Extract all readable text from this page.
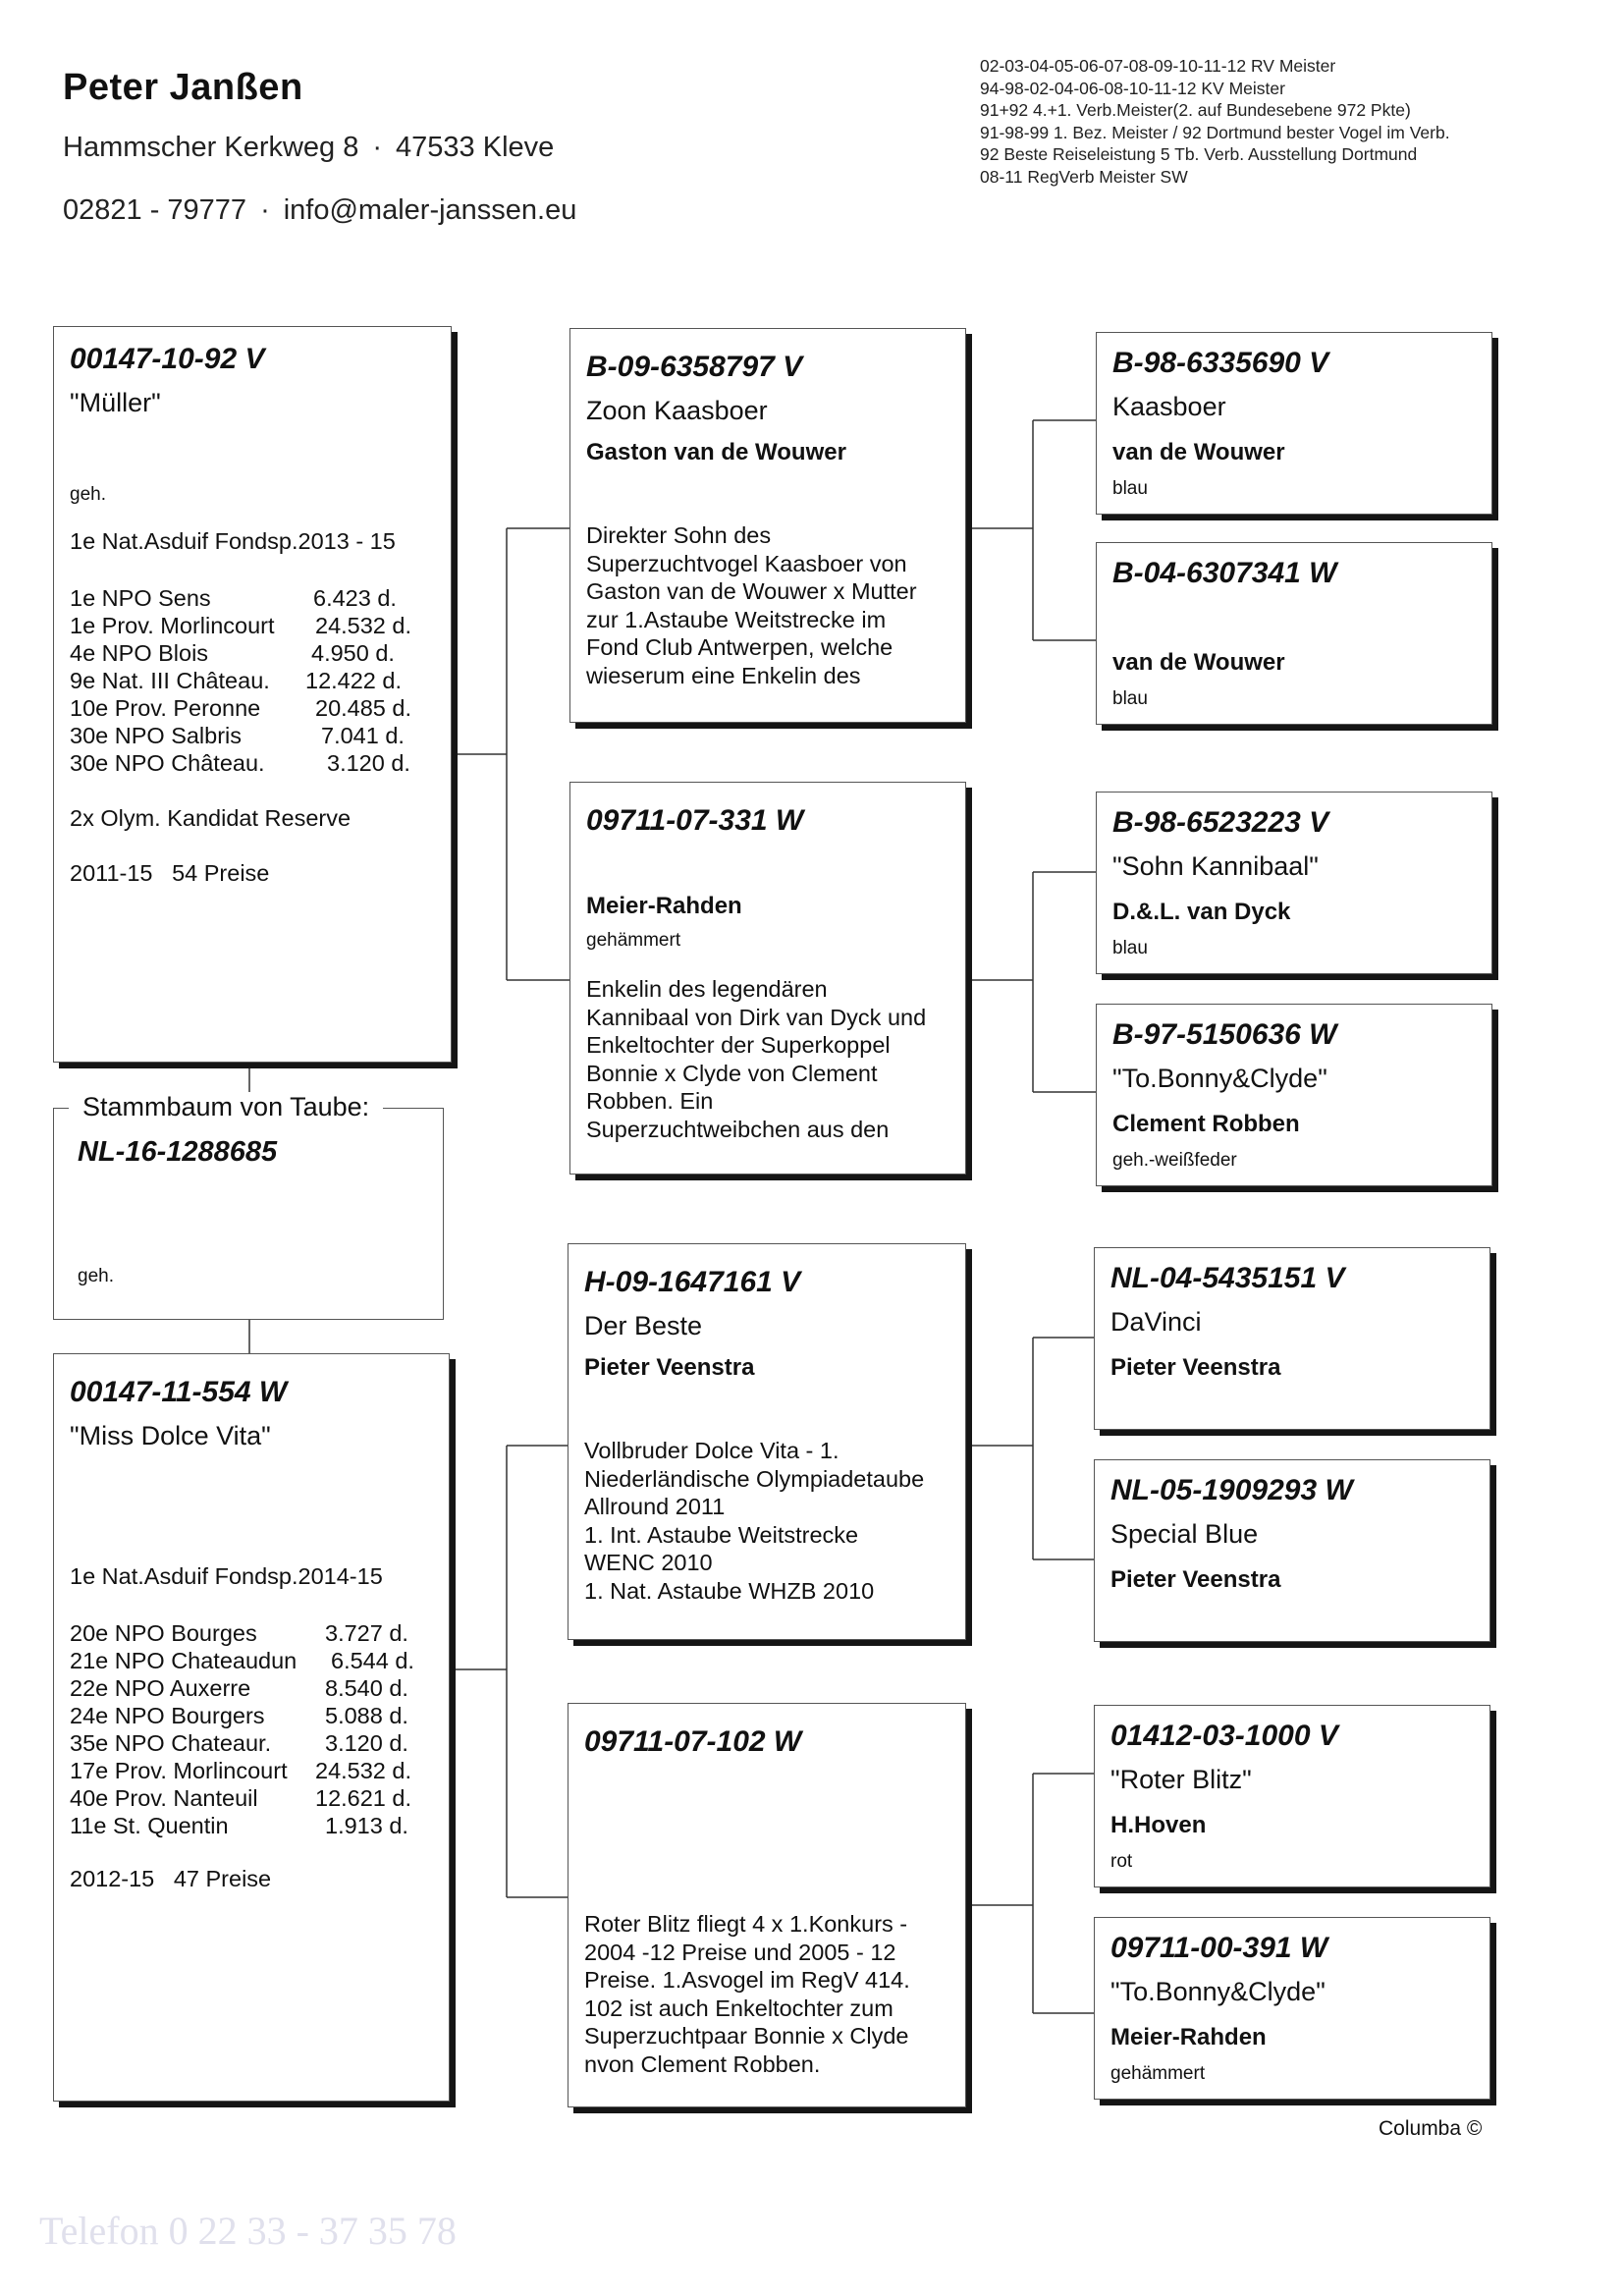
Peter Janßen
Hammscher Kerkweg 8 · 47533 Kleve
02821 - 79777 · info@maler-janssen.eu
02-03-04-05-06-07-08-09-10-11-12 RV Meister
94-98-02-04-06-08-10-11-12 KV Meister
91+92 4.+1. Verb.Meister(2. auf Bundesebene 972 Pkte)
91-98-99 1. Bez. Meister / 92 Dortmund bester Vogel im Verb.
92 Beste Reiseleistung 5 Tb. Verb. Ausstellung Dortmund
08-11 RegVerb Meister SW
00147-10-92 V
"Müller"
geh.
1e Nat.Asduif Fondsp.2013 - 15
1e NPO Sens	6.423 d.
1e Prov. Morlincourt 24.532 d.
4e NPO Blois	4.950 d.
9e Nat. III Château. 12.422 d.
10e Prov. Peronne 20.485 d.
30e NPO Salbris	7.041 d.
30e NPO Château.	3.120 d.
2x Olym. Kandidat Reserve
2011-15   54 Preise
NL-16-1288685
geh.
Stammbaum von Taube:
00147-11-554 W
"Miss Dolce Vita"
1e Nat.Asduif Fondsp.2014-15
20e NPO Bourges	3.727 d.
21e NPO Chateaudun 6.544 d.
22e NPO Auxerre	8.540 d.
24e NPO Bourgers	5.088 d.
35e NPO Chateaur. 3.120 d.
17e Prov. Morlincourt 24.532 d.
40e Prov. Nanteuil 12.621 d.
11e St. Quentin	1.913 d.
2012-15   47 Preise
B-09-6358797 V
Zoon Kaasboer
Gaston van de Wouwer
Direkter Sohn des
Superzuchtvogel Kaasboer von
Gaston van de Wouwer x Mutter
zur 1.Astaube Weitstrecke im
Fond Club Antwerpen, welche
wieserum eine Enkelin des
09711-07-331 W
Meier-Rahden
gehämmert
Enkelin des legendären
Kannibaal von Dirk van Dyck und
Enkeltochter der Superkoppel
Bonnie x Clyde von Clement
Robben. Ein
Superzuchtweibchen aus den
H-09-1647161 V
Der Beste
Pieter Veenstra
Vollbruder Dolce Vita - 1.
Niederländische Olympiadetaube
Allround 2011
1. Int. Astaube Weitstrecke
WENC 2010
1. Nat. Astaube WHZB 2010
09711-07-102 W
Roter Blitz fliegt 4 x 1.Konkurs -
2004 -12 Preise und 2005 - 12
Preise. 1.Asvogel im RegV 414.
102 ist auch Enkeltochter zum
Superzuchtpaar Bonnie x Clyde
nvon Clement Robben.
B-98-6335690 V
Kaasboer
van de Wouwer
blau
B-04-6307341 W
van de Wouwer
blau
B-98-6523223 V
"Sohn Kannibaal"
D.&.L. van Dyck
blau
B-97-5150636 W
"To.Bonny&Clyde"
Clement Robben
geh.-weißfeder
NL-04-5435151 V
DaVinci
Pieter Veenstra
NL-05-1909293 W
Special Blue
Pieter Veenstra
01412-03-1000 V
"Roter Blitz"
H.Hoven
rot
09711-00-391 W
"To.Bonny&Clyde"
Meier-Rahden
gehämmert
Columba ©
Telefon 0 22 33 - 37 35 78
